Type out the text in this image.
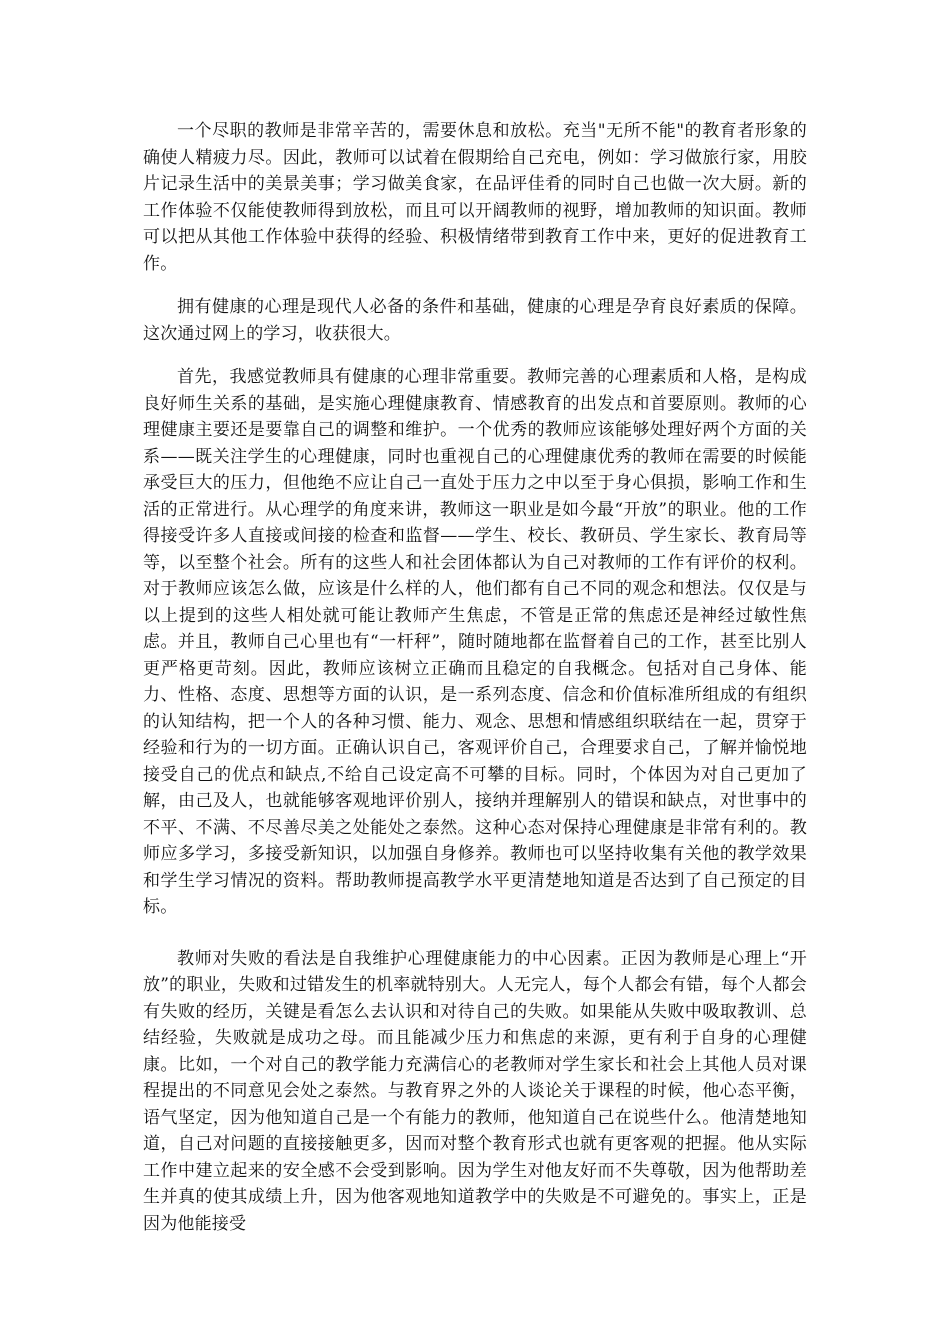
一个尽职的教师是非常辛苦的，需要休息和放松。充当"无所不能"的教育者形象的确使人精疲力尽。因此，教师可以试着在假期给自己充电，例如：学习做旅行家，用胶片记录生活中的美景美事；学习做美食家，在品评佳肴的同时自己也做一次大厨。新的工作体验不仅能使教师得到放松，而且可以开阔教师的视野，增加教师的知识面。教师可以把从其他工作体验中获得的经验、积极情绪带到教育工作中来，更好的促进教育工作。

拥有健康的心理是现代人必备的条件和基础，健康的心理是孕育良好素质的保障。这次通过网上的学习，收获很大。

首先，我感觉教师具有健康的心理非常重要。教师完善的心理素质和人格，是构成良好师生关系的基础，是实施心理健康教育、情感教育的出发点和首要原则。教师的心理健康主要还是要靠自己的调整和维护。一个优秀的教师应该能够处理好两个方面的关系——既关注学生的心理健康，同时也重视自己的心理健康优秀的教师在需要的时候能承受巨大的压力，但他绝不应让自己一直处于压力之中以至于身心俱损，影响工作和生活的正常进行。从心理学的角度来讲，教师这一职业是如今最“开放”的职业。他的工作得接受许多人直接或间接的检查和监督——学生、校长、教研员、学生家长、教育局等等，以至整个社会。所有的这些人和社会团体都认为自己对教师的工作有评价的权利。对于教师应该怎么做，应该是什么样的人，他们都有自己不同的观念和想法。仅仅是与以上提到的这些人相处就可能让教师产生焦虑，不管是正常的焦虑还是神经过敏性焦虑。并且，教师自己心里也有“一杆秤”，随时随地都在监督着自己的工作，甚至比别人更严格更苛刻。因此，教师应该树立正确而且稳定的自我概念。包括对自己身体、能力、性格、态度、思想等方面的认识，是一系列态度、信念和价值标准所组成的有组织的认知结构，把一个人的各种习惯、能力、观念、思想和情感组织联结在一起，贯穿于经验和行为的一切方面。正确认识自己，客观评价自己，合理要求自己，了解并愉悦地接受自己的优点和缺点,不给自己设定高不可攀的目标。同时，个体因为对自己更加了解，由己及人，也就能够客观地评价别人，接纳并理解别人的错误和缺点，对世事中的不平、不满、不尽善尽美之处能处之泰然。这种心态对保持心理健康是非常有利的。教师应多学习，多接受新知识，以加强自身修养。教师也可以坚持收集有关他的教学效果和学生学习情况的资料。帮助教师提高教学水平更清楚地知道是否达到了自己预定的目标。

教师对失败的看法是自我维护心理健康能力的中心因素。正因为教师是心理上“开放”的职业，失败和过错发生的机率就特别大。人无完人，每个人都会有错，每个人都会有失败的经历，关键是看怎么去认识和对待自己的失败。如果能从失败中吸取教训、总结经验，失败就是成功之母。而且能减少压力和焦虑的来源，更有利于自身的心理健康。比如，一个对自己的教学能力充满信心的老教师对学生家长和社会上其他人员对课程提出的不同意见会处之泰然。与教育界之外的人谈论关于课程的时候，他心态平衡，语气坚定，因为他知道自己是一个有能力的教师，他知道自己在说些什么。他清楚地知道，自己对问题的直接接触更多，因而对整个教育形式也就有更客观的把握。他从实际工作中建立起来的安全感不会受到影响。因为学生对他友好而不失尊敬，因为他帮助差生并真的使其成绩上升，因为他客观地知道教学中的失败是不可避免的。事实上，正是因为他能接受
